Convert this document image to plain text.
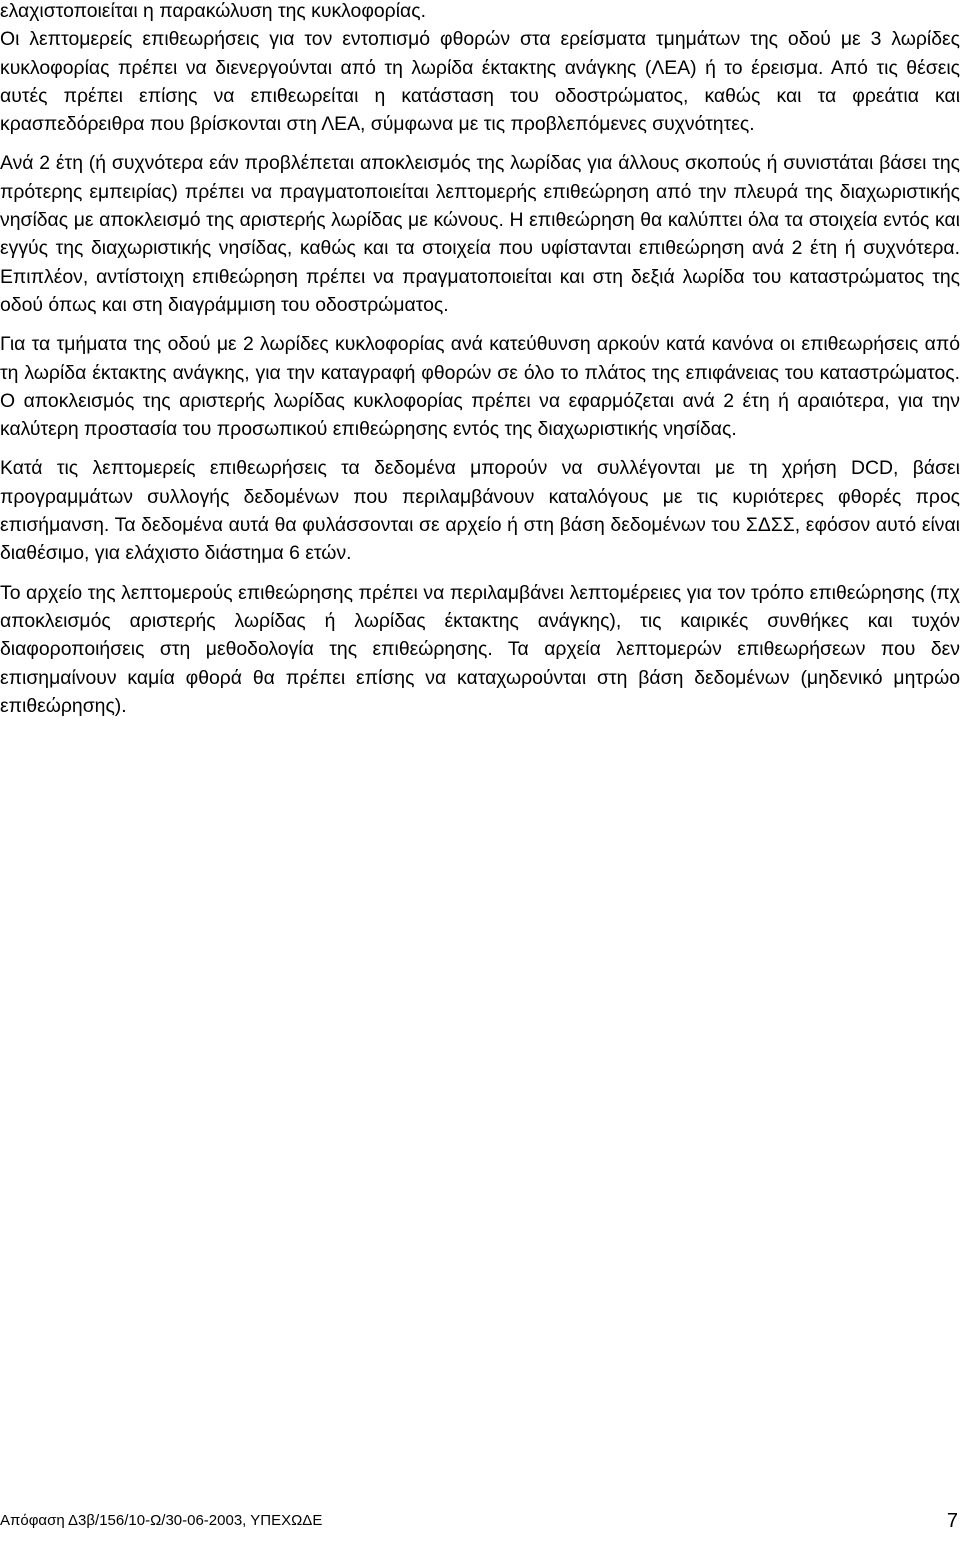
ελαχιστοποιείται η παρακώλυση της κυκλοφορίας.

Οι λεπτομερείς επιθεωρήσεις για τον εντοπισμό φθορών στα ερείσματα τμημάτων της οδού με 3 λωρίδες κυκλοφορίας πρέπει να διενεργούνται από τη λωρίδα έκτακτης ανάγκης (ΛΕΑ) ή το έρεισμα. Από τις θέσεις αυτές πρέπει επίσης να επιθεωρείται η κατάσταση του οδοστρώματος, καθώς και τα φρεάτια και κρασπεδόρειθρα που βρίσκονται στη ΛΕΑ, σύμφωνα με τις προβλεπόμενες συχνότητες.

Ανά 2 έτη (ή συχνότερα εάν προβλέπεται αποκλεισμός της λωρίδας για άλλους σκοπούς ή συνιστάται βάσει της πρότερης εμπειρίας) πρέπει να πραγματοποιείται λεπτομερής επιθεώρηση από την πλευρά της διαχωριστικής νησίδας με αποκλεισμό της αριστερής λωρίδας με κώνους. Η επιθεώρηση θα καλύπτει όλα τα στοιχεία εντός και εγγύς της διαχωριστικής νησίδας, καθώς και τα στοιχεία που υφίστανται επιθεώρηση ανά 2 έτη ή συχνότερα. Επιπλέον, αντίστοιχη επιθεώρηση πρέπει να πραγματοποιείται και στη δεξιά λωρίδα του καταστρώματος της οδού όπως και στη διαγράμμιση του οδοστρώματος.

Για τα τμήματα της οδού με 2 λωρίδες κυκλοφορίας ανά κατεύθυνση αρκούν κατά κανόνα οι επιθεωρήσεις από τη λωρίδα έκτακτης ανάγκης, για την καταγραφή φθορών σε όλο το πλάτος της επιφάνειας του καταστρώματος. Ο αποκλεισμός της αριστερής λωρίδας κυκλοφορίας πρέπει να εφαρμόζεται ανά 2 έτη ή αραιότερα, για την καλύτερη προστασία του προσωπικού επιθεώρησης εντός της διαχωριστικής νησίδας.

Κατά τις λεπτομερείς επιθεωρήσεις τα δεδομένα μπορούν να συλλέγονται με τη χρήση DCD, βάσει προγραμμάτων συλλογής δεδομένων που περιλαμβάνουν καταλόγους με τις κυριότερες φθορές προς επισήμανση. Τα δεδομένα αυτά θα φυλάσσονται σε αρχείο ή στη βάση δεδομένων του ΣΔΣΣ, εφόσον αυτό είναι διαθέσιμο, για ελάχιστο διάστημα 6 ετών.

Το αρχείο της λεπτομερούς επιθεώρησης πρέπει να περιλαμβάνει λεπτομέρειες για τον τρόπο επιθεώρησης (πχ αποκλεισμός αριστερής λωρίδας ή λωρίδας έκτακτης ανάγκης), τις καιρικές συνθήκες και τυχόν διαφοροποιήσεις στη μεθοδολογία της επιθεώρησης. Τα αρχεία λεπτομερών επιθεωρήσεων που δεν επισημαίνουν καμία φθορά θα πρέπει επίσης να καταχωρούνται στη βάση δεδομένων (μηδενικό μητρώο επιθεώρησης).

Απόφαση Δ3β/156/10-Ω/30-06-2003, ΥΠΕΧΩΔΕ	7
